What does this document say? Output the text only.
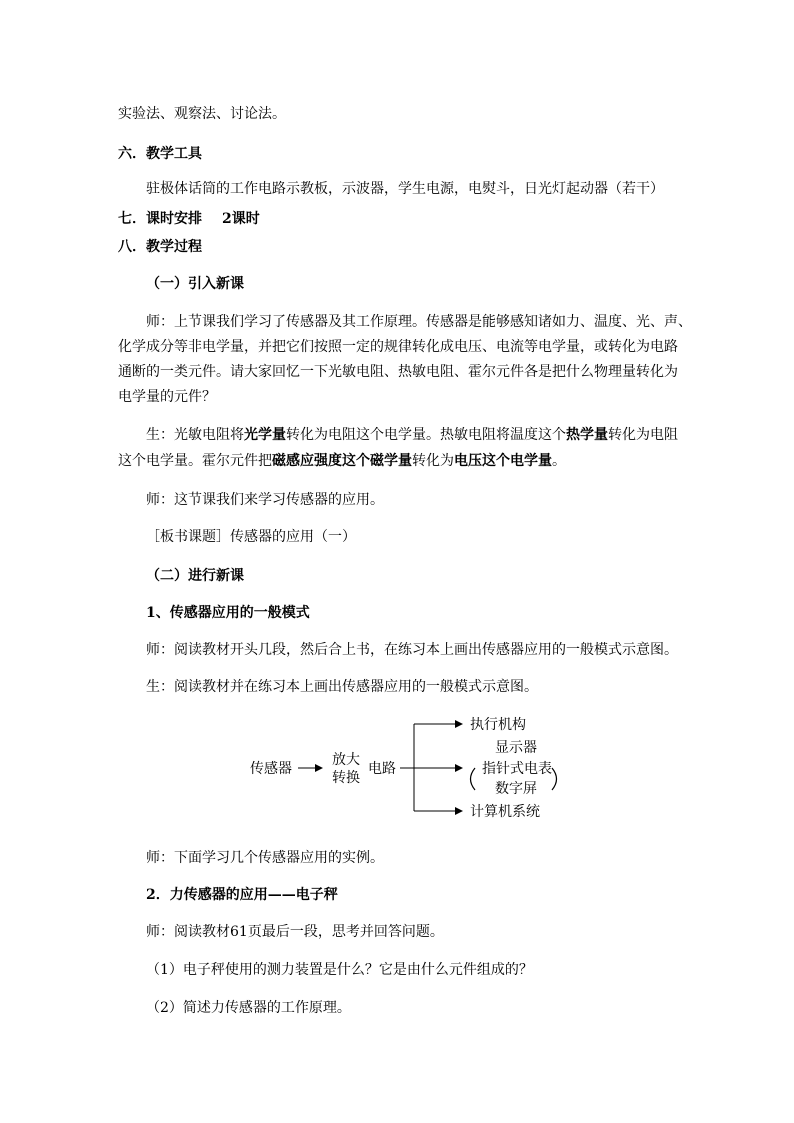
实验法、观察法、讨论法。
六．教学工具
驻极体话筒的工作电路示教板，示波器，学生电源，电熨斗，日光灯起动器（若干）
七．课时安排 2课时
八．教学过程
（一）引入新课
师：上节课我们学习了传感器及其工作原理。传感器是能够感知诸如力、温度、光、声、
化学成分等非电学量，并把它们按照一定的规律转化成电压、电流等电学量，或转化为电路
通断的一类元件。请大家回忆一下光敏电阻、热敏电阻、霍尔元件各是把什么物理量转化为
电学量的元件？
生：光敏电阻将光学量转化为电阻这个电学量。热敏电阻将温度这个热学量转化为电阻
这个电学量。霍尔元件把磁感应强度这个磁学量转化为电压这个电学量。
师：这节课我们来学习传感器的应用。
［板书课题］传感器的应用（一）
（二）进行新课
1、传感器应用的一般模式
师：阅读教材开头几段，然后合上书，在练习本上画出传感器应用的一般模式示意图。
生：阅读教材并在练习本上画出传感器应用的一般模式示意图。
传感器
放大
转换
电路
执行机构
显示器
指针式电表
数字屏
计算机系统
师：下面学习几个传感器应用的实例。
2．力传感器的应用——电子秤
师：阅读教材61页最后一段，思考并回答问题。
（1）电子秤使用的测力装置是什么？它是由什么元件组成的？
（2）简述力传感器的工作原理。
